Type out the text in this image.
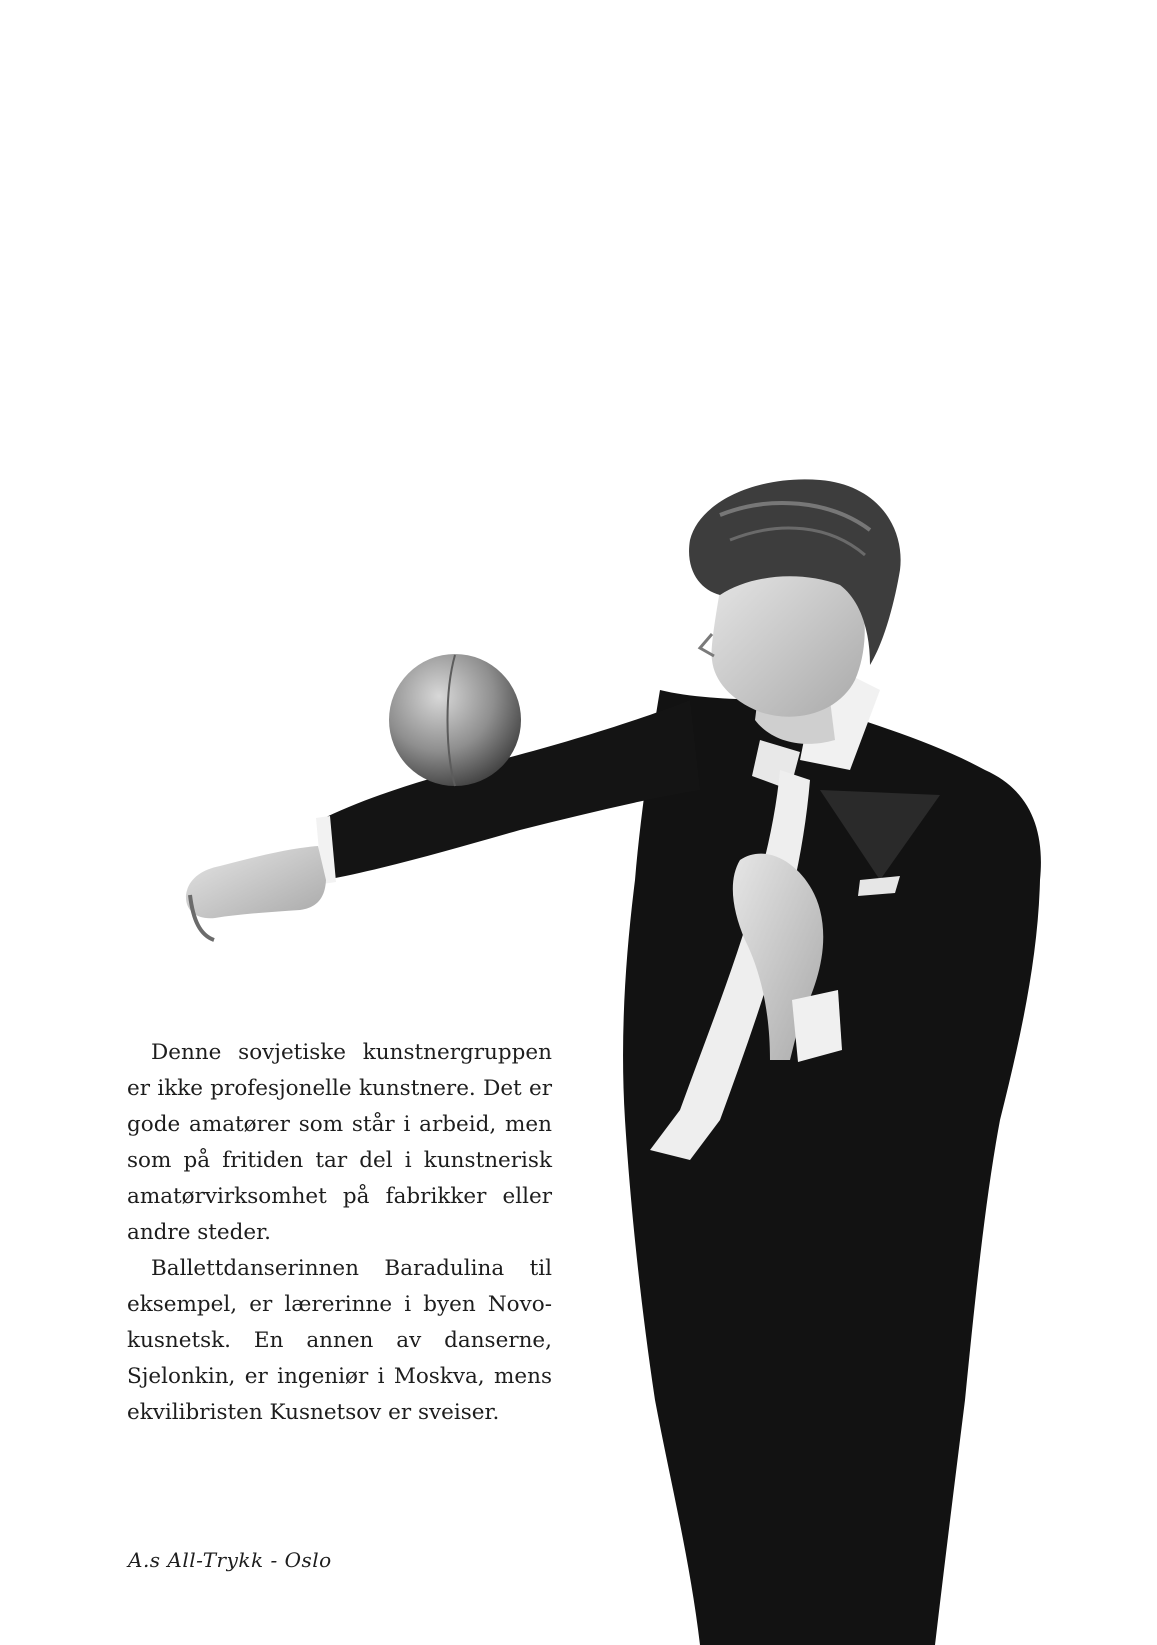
Denne sovjetiske kunstnergruppen er ikke profesjonelle kunstnere. Det er gode amatører som står i arbeid, men som på fritiden tar del i kunstnerisk amatørvirksomhet på fabrikker eller andre steder.

Ballettdanserinnen Baradulina til eksempel, er lærerinne i byen Novokusnetsk. En annen av danserne, Sjelonkin, er ingeniør i Moskva, mens ekvilibristen Kusnetsov er sveiser.

A.s All-Trykk - Oslo
